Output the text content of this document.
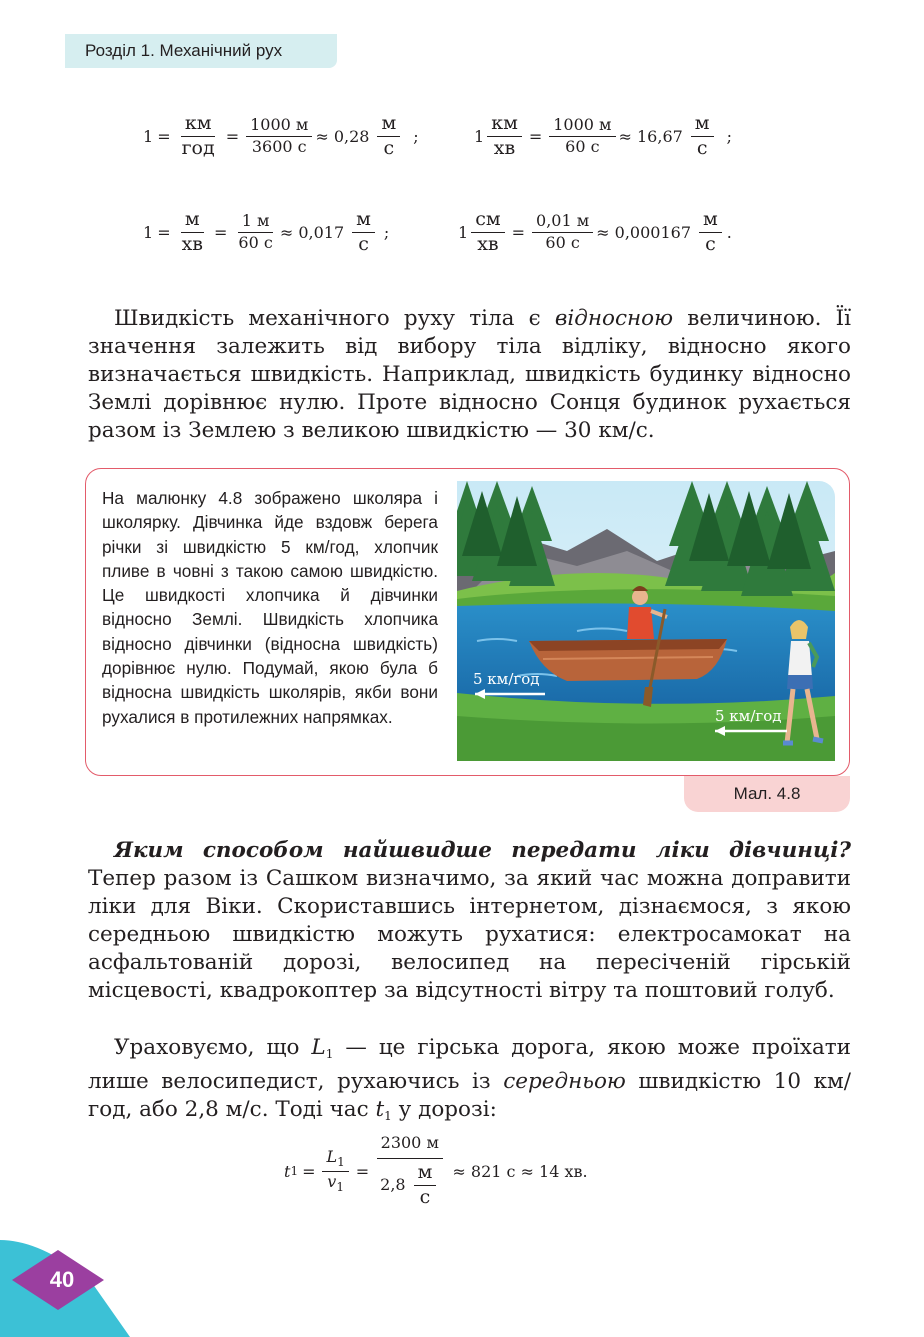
Розділ 1. Механічний рух
$1 = \frac{км}{\text{год}} = \frac{1000 м}{3600 с} \approx 0,28 \frac{м}{с}$ ;	$1 \frac{км}{хв} = \frac{1000 м}{60 с} \approx 16,67 \frac{м}{с}$ ;
$1 = \frac{м}{хв} = \frac{1 м}{60 с} \approx 0,017 \frac{м}{с}$ ;	$1 \frac{см}{хв} = \frac{0,01 м}{60 с} \approx 0,000167 \frac{м}{с}$ .
Швидкість механічного руху тіла є відносною величиною. Її значення залежить від вибору тіла відліку, відносно якого визначається швидкість. Наприклад, швидкість будинку відносно Землі дорівнює нулю. Проте відносно Сонця будинок рухається разом із Землею з великою швидкістю — 30 км/с.
На малюнку 4.8 зображено школяра і школярку. Дівчинка йде вздовж берега річки зі швидкістю 5 км/год, хлопчик пливе в човні з такою самою швидкістю. Це швидкості хлопчика й дівчинки відносно Землі. Швидкість хлопчика відносно дівчинки (відносна швидкість) дорівнює нулю. Подумай, якою була б відносна швидкість школярів, якби вони рухалися в протилежних напрямках.
5 км/год
5 км/год
Мал. 4.8
Яким способом найшвидше передати ліки дівчинці? Тепер разом із Сашком визначимо, за який час можна доправити ліки для Віки. Скориставшись інтернетом, дізнаємося, з якою середньою швидкістю можуть рухатися: електросамокат на асфальтованій дорозі, велосипед на пересіченій гірській місцевості, квадрокоптер за відсутності вітру та поштовий голуб.
Ураховуємо, що $L_1$ — це гірська дорога, якою може проїхати лише велосипедист, рухаючись із середньою швидкістю 10 км/год, або 2,8 м/с. Тоді час $t_1$ у дорозі:
t $1 = \frac{L_1}{v_1} = \frac{2300 м}{2,8 \frac{м}{с}} \approx 821$ с ≈ 14 хв.
40
